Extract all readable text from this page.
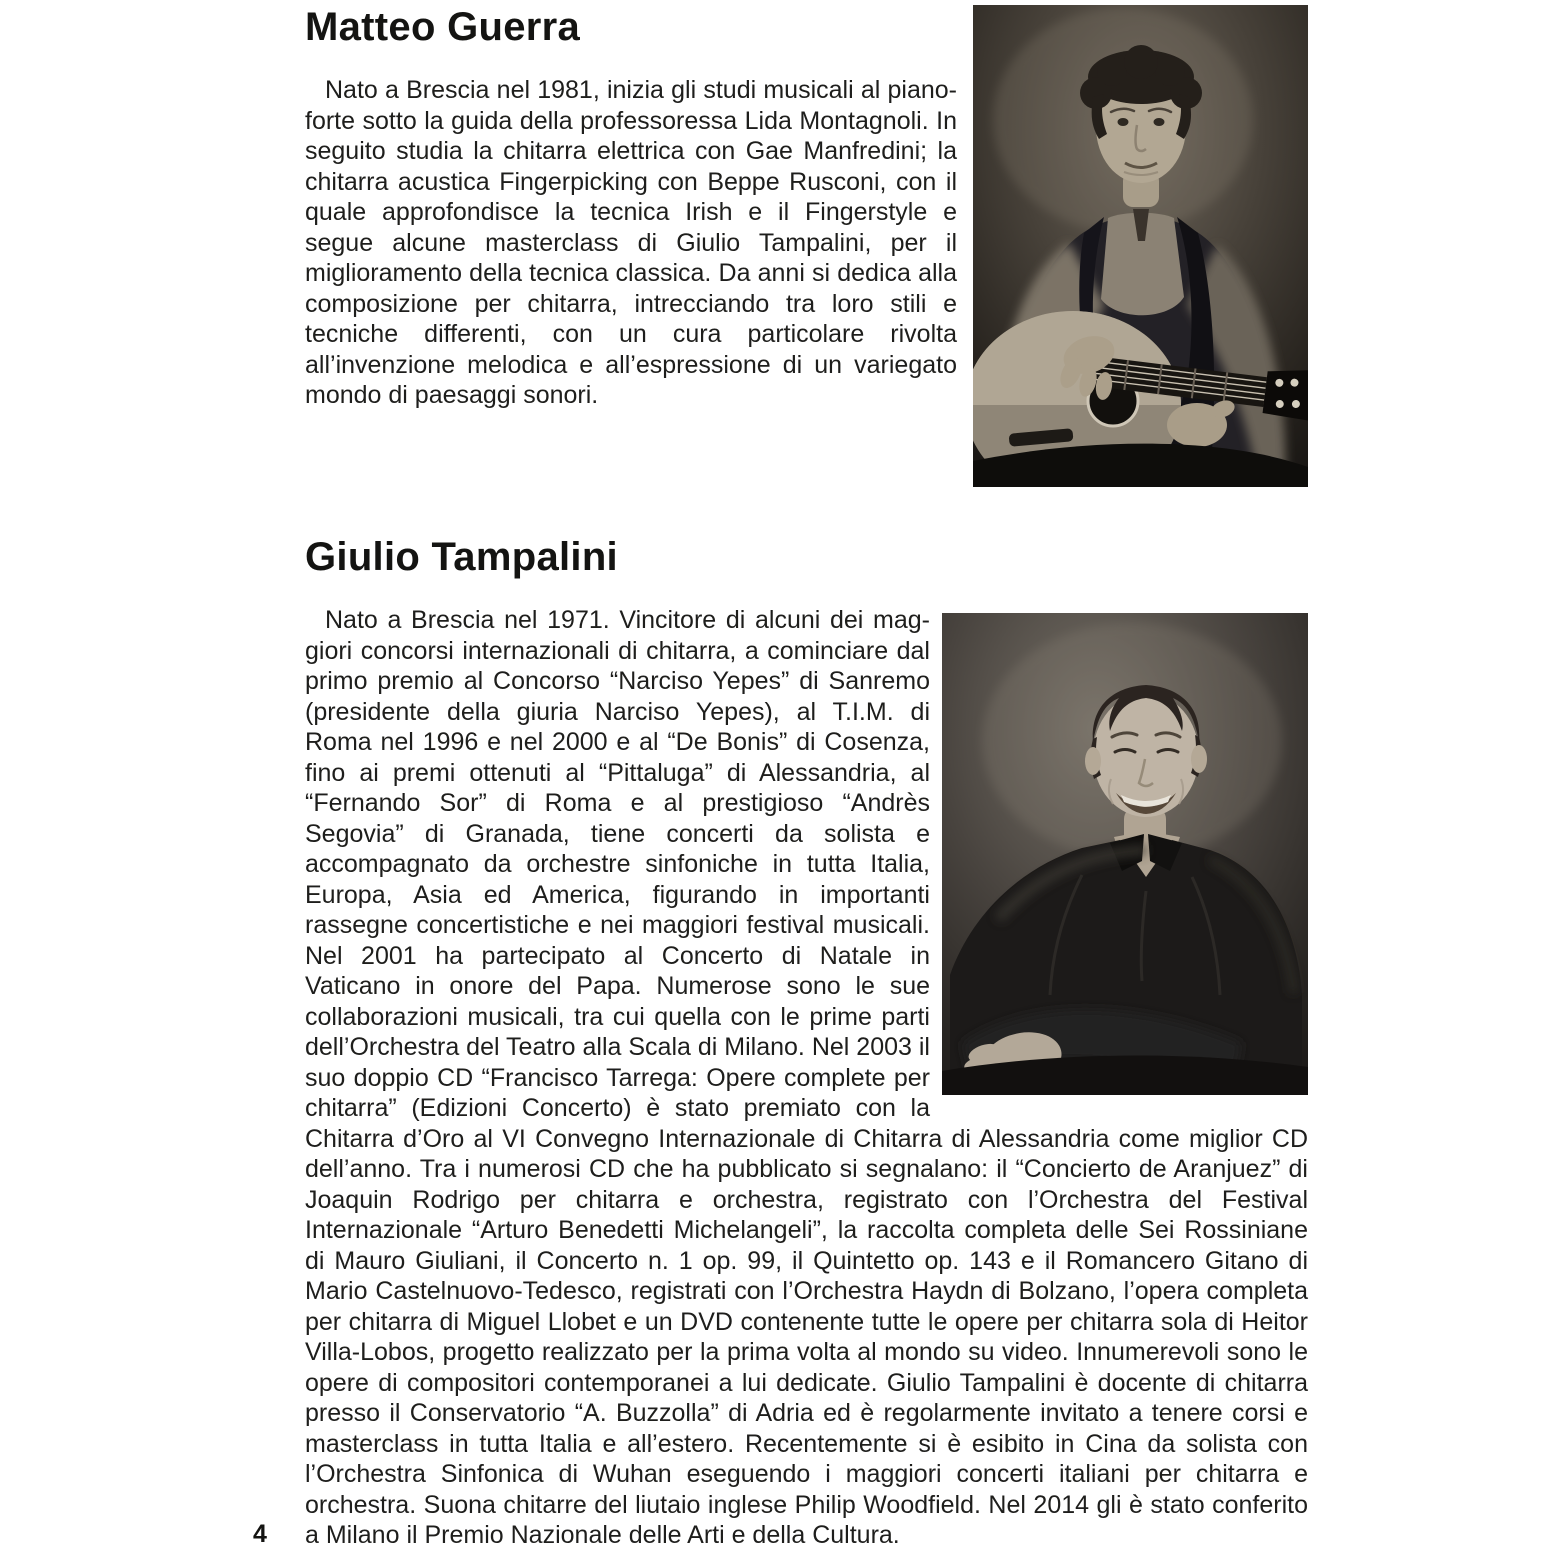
Matteo Guerra

Nato a Brescia nel 1981, inizia gli studi musicali al pianoforte sotto la guida della professoressa Lida Montagnoli. In seguito studia la chitarra elettrica con Gae Manfredini; la chitarra acustica Fingerpicking con Beppe Rusconi, con il quale approfondisce la tecnica Irish e il Fingerstyle e segue alcune masterclass di Giulio Tampalini, per il miglioramento della tecnica classica. Da anni si dedica alla composizione per chitarra, intrecciando tra loro stili e tecniche differenti, con un cura particolare rivolta all’invenzione melodica e all’espressione di un variegato mondo di paesaggi sonori.

Giulio Tampalini

Nato a Brescia nel 1971. Vincitore di alcuni dei maggiori concorsi internazionali di chitarra, a cominciare dal primo premio al Concorso “Narciso Yepes” di Sanremo (presidente della giuria Narciso Yepes), al T.I.M. di Roma nel 1996 e nel 2000 e al “De Bonis” di Cosenza, fino ai premi ottenuti al “Pittaluga” di Alessandria, al “Fernando Sor” di Roma e al prestigioso “Andrès Segovia” di Granada, tiene concerti da solista e accompagnato da orchestre sinfoniche in tutta Italia, Europa, Asia ed America, figurando in importanti rassegne concertistiche e nei maggiori festival musicali. Nel 2001 ha partecipato al Concerto di Natale in Vaticano in onore del Papa. Numerose sono le sue collaborazioni musicali, tra cui quella con le prime parti dell’Orchestra del Teatro alla Scala di Milano. Nel 2003 il suo doppio CD “Francisco Tarrega: Opere complete per chitarra” (Edizioni Concerto) è stato premiato con la Chitarra d’Oro al VI Convegno Internazionale di Chitarra di Alessandria come miglior CD dell’anno. Tra i numerosi CD che ha pubblicato si segnalano: il “Concierto de Aranjuez” di Joaquin Rodrigo per chitarra e orchestra, registrato con l’Orchestra del Festival Internazionale “Arturo Benedetti Michelangeli”, la raccolta completa delle Sei Rossiniane di Mauro Giuliani, il Concerto n. 1 op. 99, il Quintetto op. 143 e il Romancero Gitano di Mario Castelnuovo-Tedesco, registrati con l’Orchestra Haydn di Bolzano, l’opera completa per chitarra di Miguel Llobet e un DVD contenente tutte le opere per chitarra sola di Heitor Villa-Lobos, progetto realizzato per la prima volta al mondo su video. Innumerevoli sono le opere di compositori contemporanei a lui dedicate. Giulio Tampalini è docente di chitarra presso il Conservatorio “A. Buzzolla” di Adria ed è regolarmente invitato a tenere corsi e masterclass in tutta Italia e all’estero. Recentemente si è esibito in Cina da solista con l’Orchestra Sinfonica di Wuhan eseguendo i maggiori concerti italiani per chitarra e orchestra. Suona chitarre del liutaio inglese Philip Woodfield. Nel 2014 gli è stato conferito a Milano il Premio Nazionale delle Arti e della Cultura.

4
